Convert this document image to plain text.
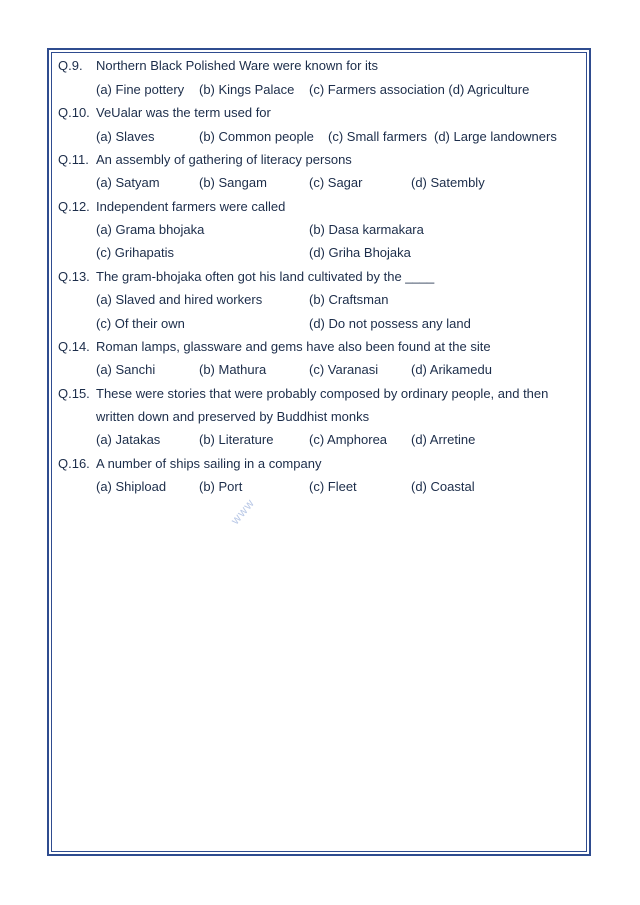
Q.9. Northern Black Polished Ware were known for its
(a) Fine pottery (b) Kings Palace (c) Farmers association (d) Agriculture
Q.10. VeUalar was the term used for
(a) Slaves	(b) Common people (c) Small farmers (d) Large landowners
Q.11. An assembly of gathering of literacy persons
(a) Satyam	(b) Sangam	(c) Sagar	(d) Satembly
Q.12. Independent farmers were called
(a) Grama bhojaka	(b) Dasa karmakara
(c) Grihapatis	(d) Griha Bhojaka
Q.13. The gram-bhojaka often got his land cultivated by the ____
(a) Slaved and hired workers	(b) Craftsman
(c) Of their own	(d) Do not possess any land
Q.14. Roman lamps, glassware and gems have also been found at the site
(a) Sanchi	(b) Mathura	(c) Varanasi	(d) Arikamedu
Q.15. These were stories that were probably composed by ordinary people, and then
written down and preserved by Buddhist monks
(a) Jatakas	(b) Literature	(c) Amphorea (d) Arretine
Q.16. A number of ships sailing in a company
(a) Shipload	(b) Port	(c) Fleet	(d) Coastal
www
